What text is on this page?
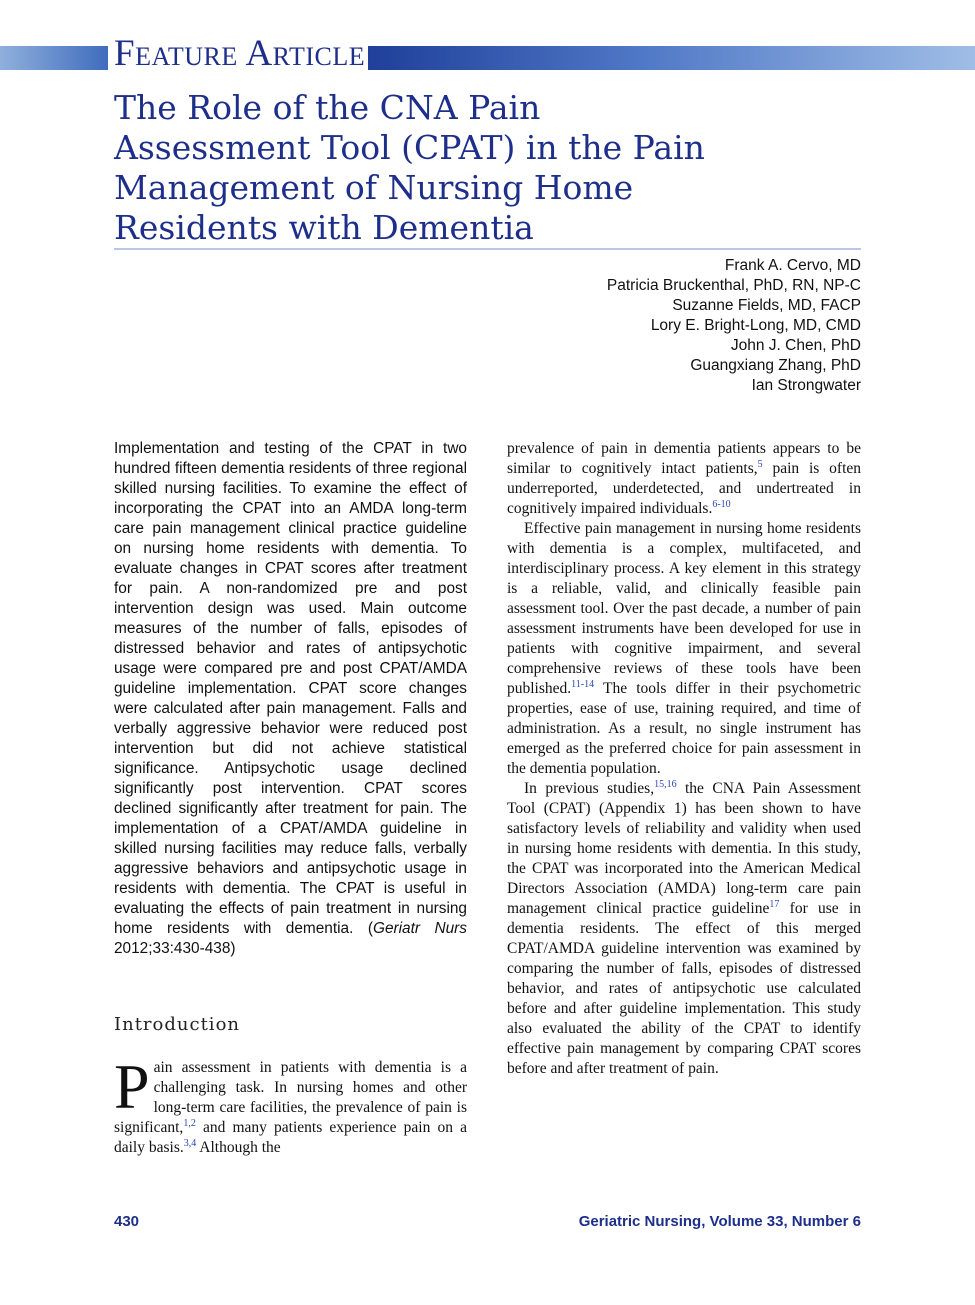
Feature Article
The Role of the CNA Pain Assessment Tool (CPAT) in the Pain Management of Nursing Home Residents with Dementia
Frank A. Cervo, MD
Patricia Bruckenthal, PhD, RN, NP-C
Suzanne Fields, MD, FACP
Lory E. Bright-Long, MD, CMD
John J. Chen, PhD
Guangxiang Zhang, PhD
Ian Strongwater

Implementation and testing of the CPAT in two hundred fifteen dementia residents of three regional skilled nursing facilities. To examine the effect of incorporating the CPAT into an AMDA long-term care pain management clinical practice guideline on nursing home residents with dementia. To evaluate changes in CPAT scores after treatment for pain. A non-randomized pre and post intervention design was used. Main outcome measures of the number of falls, episodes of distressed behavior and rates of antipsychotic usage were compared pre and post CPAT/AMDA guideline implementation. CPAT score changes were calculated after pain management. Falls and verbally aggressive behavior were reduced post intervention but did not achieve statistical significance. Antipsychotic usage declined significantly post intervention. CPAT scores declined significantly after treatment for pain. The implementation of a CPAT/AMDA guideline in skilled nursing facilities may reduce falls, verbally aggressive behaviors and antipsychotic usage in residents with dementia. The CPAT is useful in evaluating the effects of pain treatment in nursing home residents with dementia. (Geriatr Nurs 2012;33:430-438)

Introduction

Pain assessment in patients with dementia is a challenging task. In nursing homes and other long-term care facilities, the prevalence of pain is significant,$^{1,2}$ and many patients experience pain on a daily basis.$^{3,4}$ Although the

prevalence of pain in dementia patients appears to be similar to cognitively intact patients,$^5$ pain is often underreported, underdetected, and undertreated in cognitively impaired individuals.$^{6-10}$

Effective pain management in nursing home residents with dementia is a complex, multifaceted, and interdisciplinary process. A key element in this strategy is a reliable, valid, and clinically feasible pain assessment tool. Over the past decade, a number of pain assessment instruments have been developed for use in patients with cognitive impairment, and several comprehensive reviews of these tools have been published.$^{11-14}$ The tools differ in their psychometric properties, ease of use, training required, and time of administration. As a result, no single instrument has emerged as the preferred choice for pain assessment in the dementia population.

In previous studies,$^{15,16}$ the CNA Pain Assessment Tool (CPAT) (Appendix 1) has been shown to have satisfactory levels of reliability and validity when used in nursing home residents with dementia. In this study, the CPAT was incorporated into the American Medical Directors Association (AMDA) long-term care pain management clinical practice guideline$^{17}$ for use in dementia residents. The effect of this merged CPAT/AMDA guideline intervention was examined by comparing the number of falls, episodes of distressed behavior, and rates of antipsychotic use calculated before and after guideline implementation. This study also evaluated the ability of the CPAT to identify effective pain management by comparing CPAT scores before and after treatment of pain.

430	Geriatric Nursing, Volume 33, Number 6
